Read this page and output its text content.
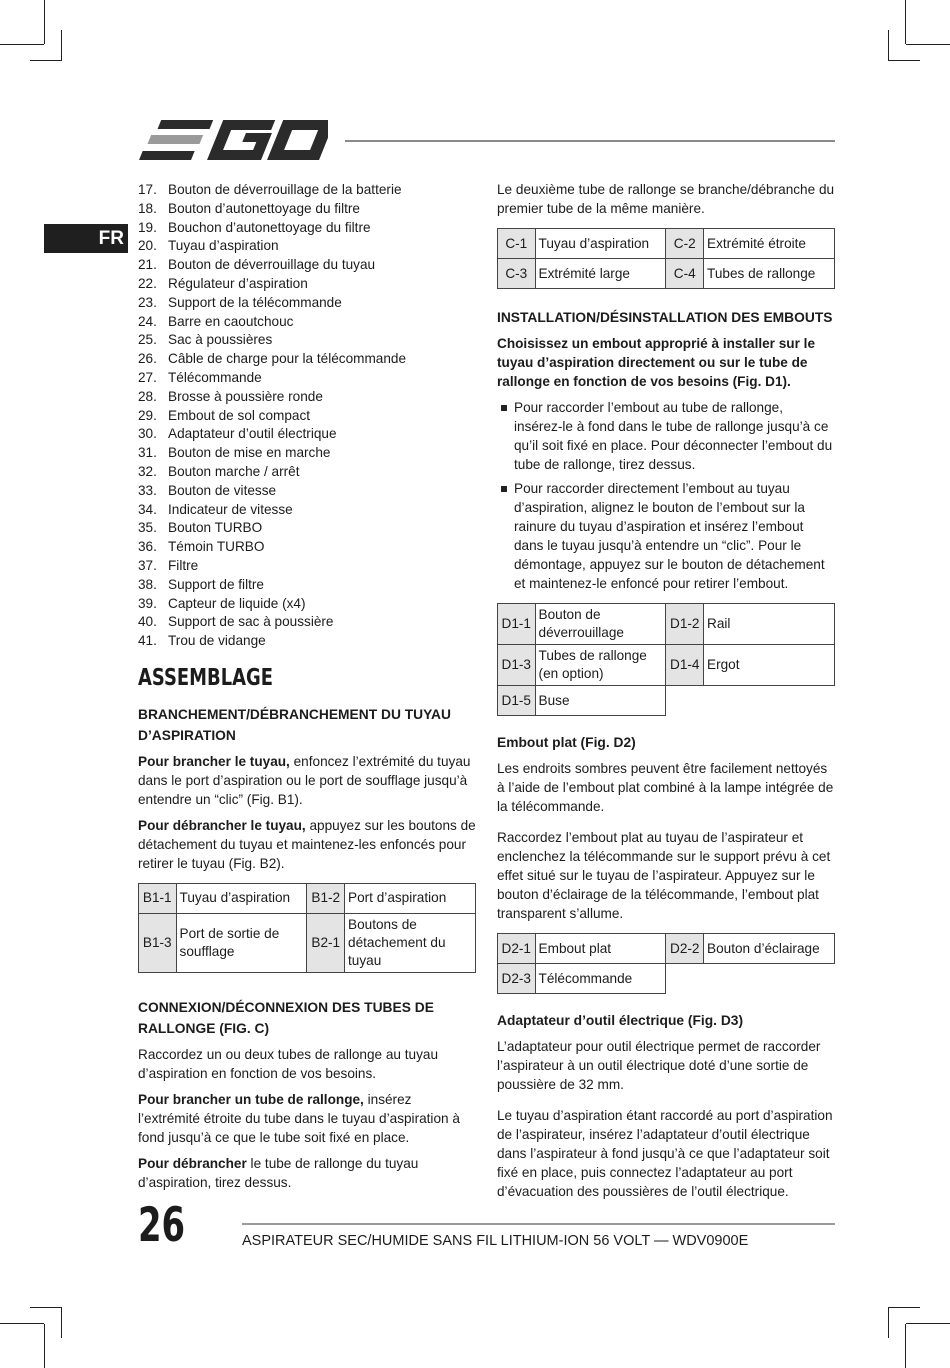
FR
17. Bouton de déverrouillage de la batterie
18. Bouton d’autonettoyage du filtre
19. Bouchon d’autonettoyage du filtre
20. Tuyau d’aspiration
21. Bouton de déverrouillage du tuyau
22. Régulateur d’aspiration
23. Support de la télécommande
24. Barre en caoutchouc
25. Sac à poussières
26. Câble de charge pour la télécommande
27. Télécommande
28. Brosse à poussière ronde
29. Embout de sol compact
30. Adaptateur d’outil électrique
31. Bouton de mise en marche
32. Bouton marche / arrêt
33. Bouton de vitesse
34. Indicateur de vitesse
35. Bouton TURBO
36. Témoin TURBO
37. Filtre
38. Support de filtre
39. Capteur de liquide (x4)
40. Support de sac à poussière
41. Trou de vidange
ASSEMBLAGE
BRANCHEMENT/DÉBRANCHEMENT DU TUYAU D’ASPIRATION

Pour brancher le tuyau, enfoncez l’extrémité du tuyau dans le port d’aspiration ou le port de soufflage jusqu’à entendre un “clic” (Fig. B1).

Pour débrancher le tuyau, appuyez sur les boutons de détachement du tuyau et maintenez-les enfoncés pour retirer le tuyau (Fig. B2).

B1-1	Tuyau d’aspiration	B1-2	Port d’aspiration
B1-3	Port de sortie de soufflage	B2-1	Boutons de détachement du tuyau
CONNEXION/DÉCONNEXION DES TUBES DE RALLONGE (FIG. C)

Raccordez un ou deux tubes de rallonge au tuyau d’aspiration en fonction de vos besoins.

Pour brancher un tube de rallonge, insérez l’extrémité étroite du tube dans le tuyau d’aspiration à fond jusqu’à ce que le tube soit fixé en place.

Pour débrancher le tube de rallonge du tuyau d’aspiration, tirez dessus.

Le deuxième tube de rallonge se branche/débranche du premier tube de la même manière.

C-1	Tuyau d’aspiration	C-2	Extrémité étroite
C-3	Extrémité large	C-4	Tubes de rallonge
INSTALLATION/DÉSINSTALLATION DES EMBOUTS

Choisissez un embout approprié à installer sur le tuyau d’aspiration directement ou sur le tube de rallonge en fonction de vos besoins (Fig. D1).

Pour raccorder l’embout au tube de rallonge, insérez-le à fond dans le tube de rallonge jusqu’à ce qu’il soit fixé en place. Pour déconnecter l’embout du tube de rallonge, tirez dessus.
Pour raccorder directement l’embout au tuyau d’aspiration, alignez le bouton de l’embout sur la rainure du tuyau d’aspiration et insérez l’embout dans le tuyau jusqu’à entendre un “clic”. Pour le démontage, appuyez sur le bouton de détachement et maintenez-le enfoncé pour retirer l’embout.
D1-1	Bouton de déverrouillage	D1-2	Rail
D1-3	Tubes de rallonge (en option)	D1-4	Ergot
D1-5	Buse		
Embout plat (Fig. D2)

Les endroits sombres peuvent être facilement nettoyés à l’aide de l’embout plat combiné à la lampe intégrée de la télécommande.

Raccordez l’embout plat au tuyau de l’aspirateur et enclenchez la télécommande sur le support prévu à cet effet situé sur le tuyau de l’aspirateur. Appuyez sur le bouton d’éclairage de la télécommande, l’embout plat transparent s’allume.

D2-1	Embout plat	D2-2	Bouton d’éclairage
D2-3	Télécommande		
Adaptateur d’outil électrique (Fig. D3)

L’adaptateur pour outil électrique permet de raccorder l’aspirateur à un outil électrique doté d’une sortie de poussière de 32 mm.

Le tuyau d’aspiration étant raccordé au port d’aspiration de l’aspirateur, insérez l’adaptateur d’outil électrique dans l’aspirateur à fond jusqu’à ce que l’adaptateur soit fixé en place, puis connectez l’adaptateur au port d’évacuation des poussières de l’outil électrique.

26	ASPIRATEUR SEC/HUMIDE SANS FIL LITHIUM-ION 56 VOLT — WDV0900E
